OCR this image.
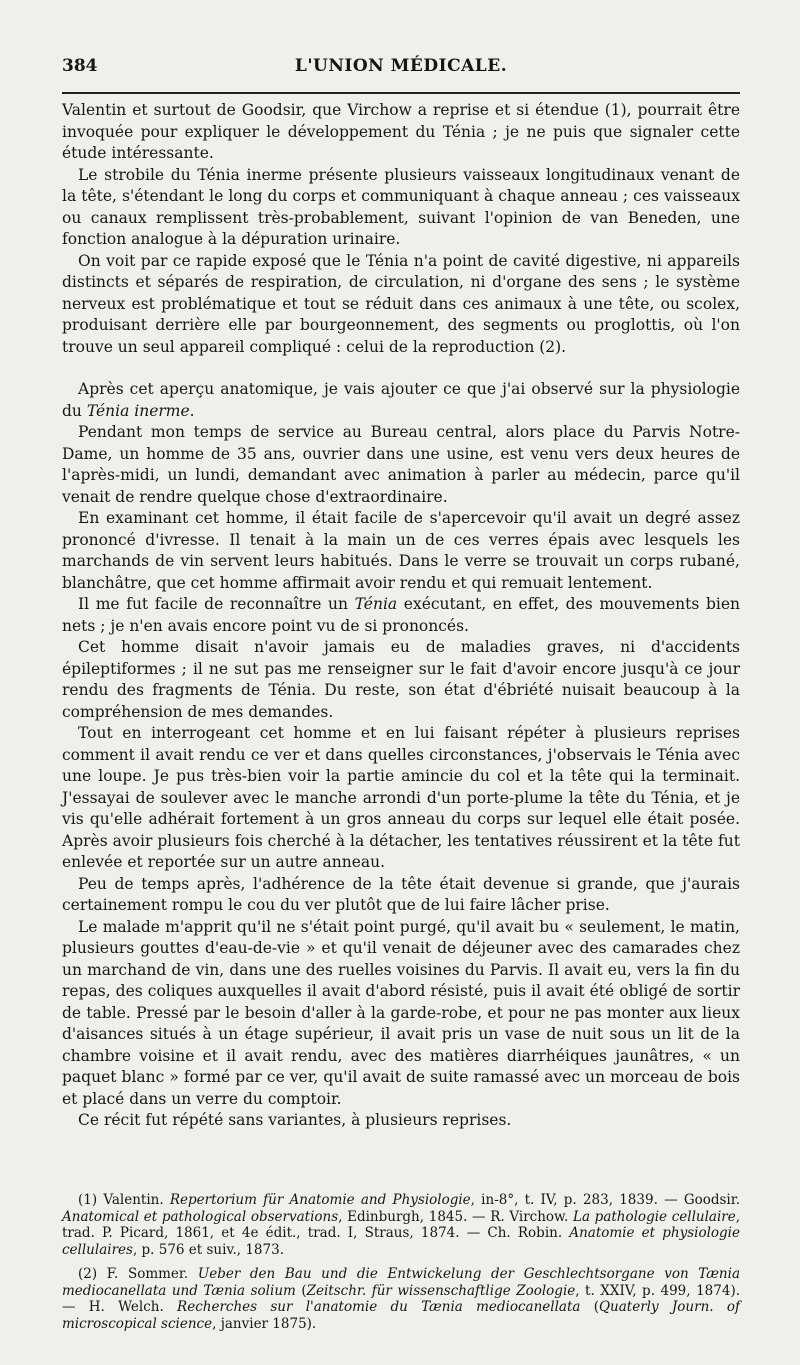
384	L'UNION MÉDICALE.

Valentin et surtout de Goodsir, que Virchow a reprise et si étendue (1), pourrait être invoquée pour expliquer le développement du Ténia ; je ne puis que signaler cette étude intéressante.

Le strobile du Ténia inerme présente plusieurs vaisseaux longitudinaux venant de la tête, s'étendant le long du corps et communiquant à chaque anneau ; ces vaisseaux ou canaux remplissent très-probablement, suivant l'opinion de van Beneden, une fonction analogue à la dépuration urinaire.

On voit par ce rapide exposé que le Ténia n'a point de cavité digestive, ni appareils distincts et séparés de respiration, de circulation, ni d'organe des sens ; le système nerveux est problématique et tout se réduit dans ces animaux à une tête, ou scolex, produisant derrière elle par bourgeonnement, des segments ou proglottis, où l'on trouve un seul appareil compliqué : celui de la reproduction (2).

Après cet aperçu anatomique, je vais ajouter ce que j'ai observé sur la physiologie du Ténia inerme.

Pendant mon temps de service au Bureau central, alors place du Parvis Notre-Dame, un homme de 35 ans, ouvrier dans une usine, est venu vers deux heures de l'après-midi, un lundi, demandant avec animation à parler au médecin, parce qu'il venait de rendre quelque chose d'extraordinaire.

En examinant cet homme, il était facile de s'apercevoir qu'il avait un degré assez prononcé d'ivresse. Il tenait à la main un de ces verres épais avec lesquels les marchands de vin servent leurs habitués. Dans le verre se trouvait un corps rubané, blanchâtre, que cet homme affirmait avoir rendu et qui remuait lentement.

Il me fut facile de reconnaître un Ténia exécutant, en effet, des mouvements bien nets ; je n'en avais encore point vu de si prononcés.

Cet homme disait n'avoir jamais eu de maladies graves, ni d'accidents épileptiformes ; il ne sut pas me renseigner sur le fait d'avoir encore jusqu'à ce jour rendu des fragments de Ténia. Du reste, son état d'ébriété nuisait beaucoup à la compréhension de mes demandes.

Tout en interrogeant cet homme et en lui faisant répéter à plusieurs reprises comment il avait rendu ce ver et dans quelles circonstances, j'observais le Ténia avec une loupe. Je pus très-bien voir la partie amincie du col et la tête qui la terminait. J'essayai de soulever avec le manche arrondi d'un porte-plume la tête du Ténia, et je vis qu'elle adhérait fortement à un gros anneau du corps sur lequel elle était posée. Après avoir plusieurs fois cherché à la détacher, les tentatives réussirent et la tête fut enlevée et reportée sur un autre anneau.

Peu de temps après, l'adhérence de la tête était devenue si grande, que j'aurais certainement rompu le cou du ver plutôt que de lui faire lâcher prise.

Le malade m'apprit qu'il ne s'était point purgé, qu'il avait bu « seulement, le matin, plusieurs gouttes d'eau-de-vie » et qu'il venait de déjeuner avec des camarades chez un marchand de vin, dans une des ruelles voisines du Parvis. Il avait eu, vers la fin du repas, des coliques auxquelles il avait d'abord résisté, puis il avait été obligé de sortir de table. Pressé par le besoin d'aller à la garde-robe, et pour ne pas monter aux lieux d'aisances situés à un étage supérieur, il avait pris un vase de nuit sous un lit de la chambre voisine et il avait rendu, avec des matières diarrhéiques jaunâtres, « un paquet blanc » formé par ce ver, qu'il avait de suite ramassé avec un morceau de bois et placé dans un verre du comptoir.

Ce récit fut répété sans variantes, à plusieurs reprises.

(1) Valentin. Repertorium für Anatomie and Physiologie, in-8°, t. IV, p. 283, 1839. — Goodsir. Anatomical et pathological observations, Edinburgh, 1845. — R. Virchow. La pathologie cellulaire, trad. P. Picard, 1861, et 4e édit., trad. I, Straus, 1874. — Ch. Robin. Anatomie et physiologie cellulaires, p. 576 et suiv., 1873.

(2) F. Sommer. Ueber den Bau und die Entwickelung der Geschlechtsorgane von Tænia mediocanellata und Tænia solium (Zeitschr. für wissenschaftlige Zoologie, t. XXIV, p. 499, 1874). — H. Welch. Recherches sur l'anatomie du Tænia mediocanellata (Quaterly Journ. of microscopical science, janvier 1875).
